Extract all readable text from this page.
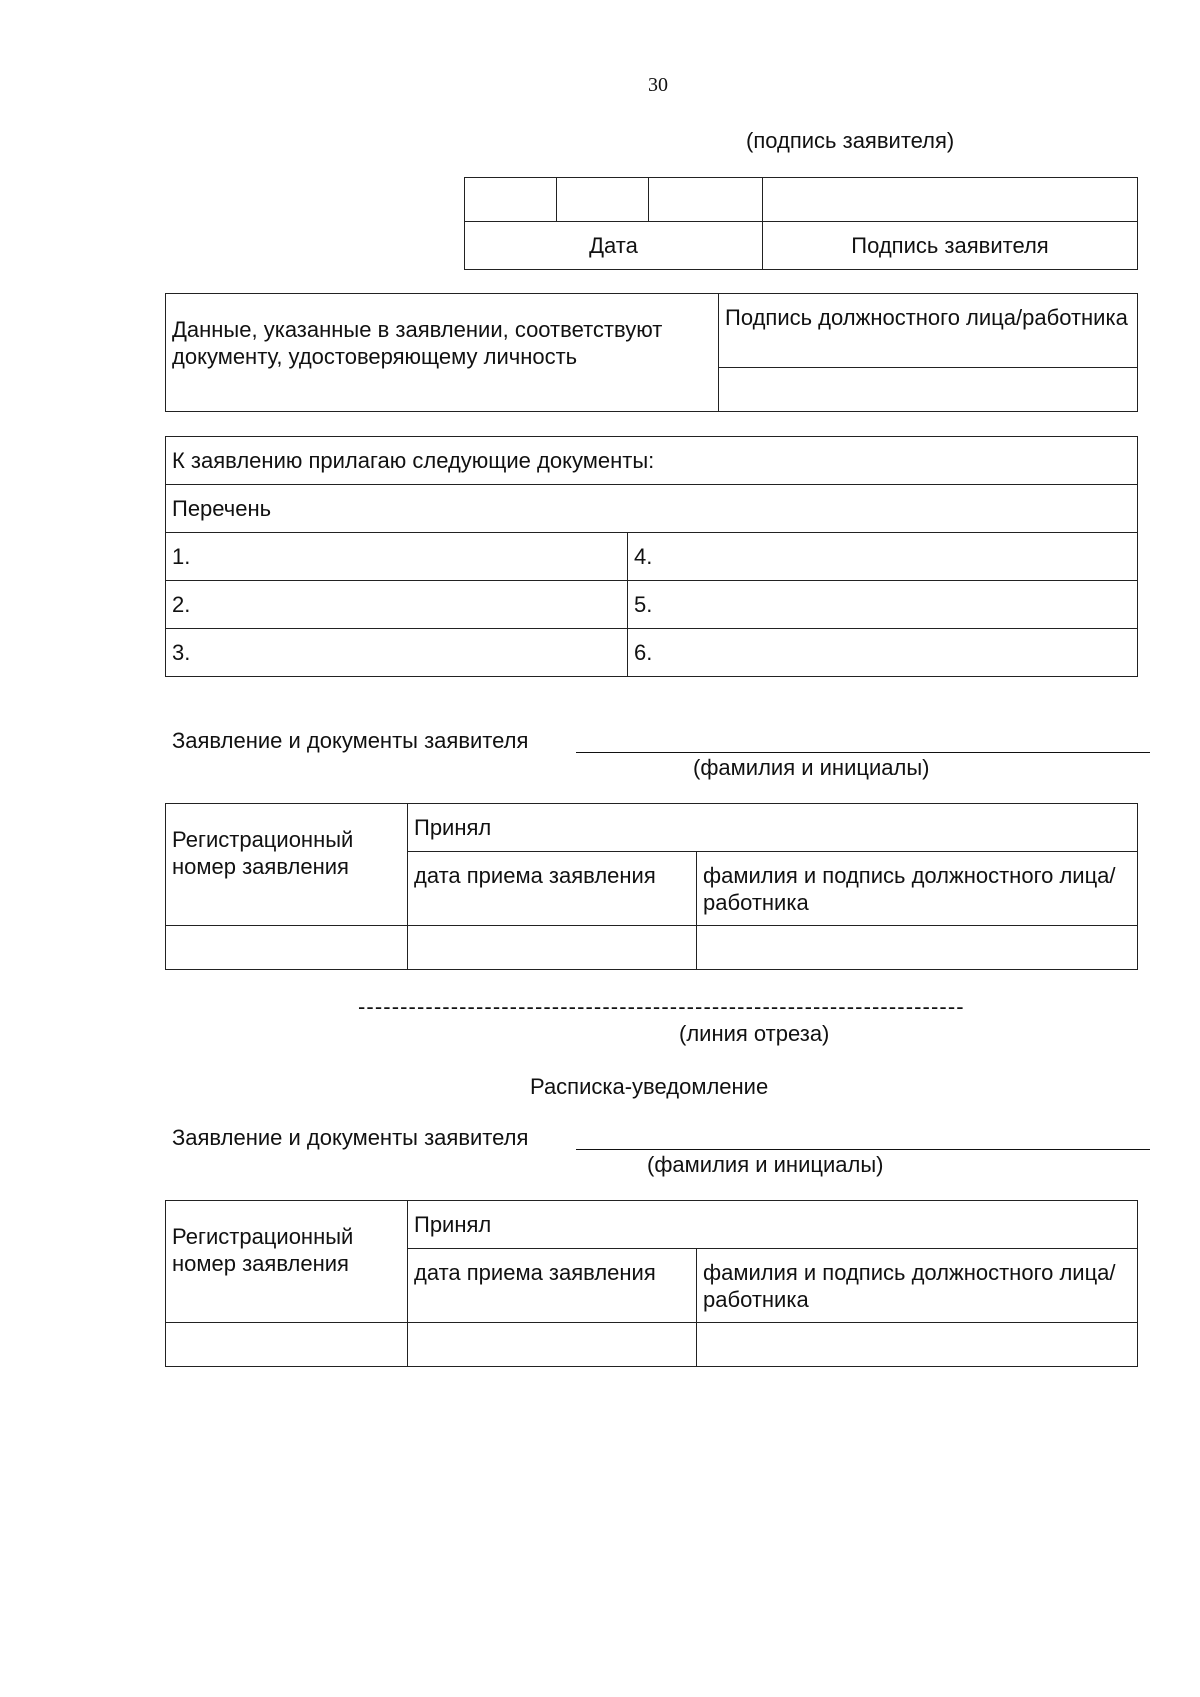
30
(подпись заявителя)

Дата			Подпись заявителя
Данные, указанные в заявлении, соответствуют документу, удостоверяющему личность	Подпись должностного лица/работника

К заявлению прилагаю следующие документы:	
Перечень	
1.	4.
2.	5.
3.	6.
Заявление и документы заявителя
(фамилия и инициалы)
Регистрационный номер заявления	Принял	
	дата приема заявления	фамилия и подпись должностного лица/работника

------------------------------------------------------------------------
(линия отреза)
Расписка-уведомление
Заявление и документы заявителя
(фамилия и инициалы)
Регистрационный номер заявления	Принял	
	дата приема заявления	фамилия и подпись должностного лица/работника
